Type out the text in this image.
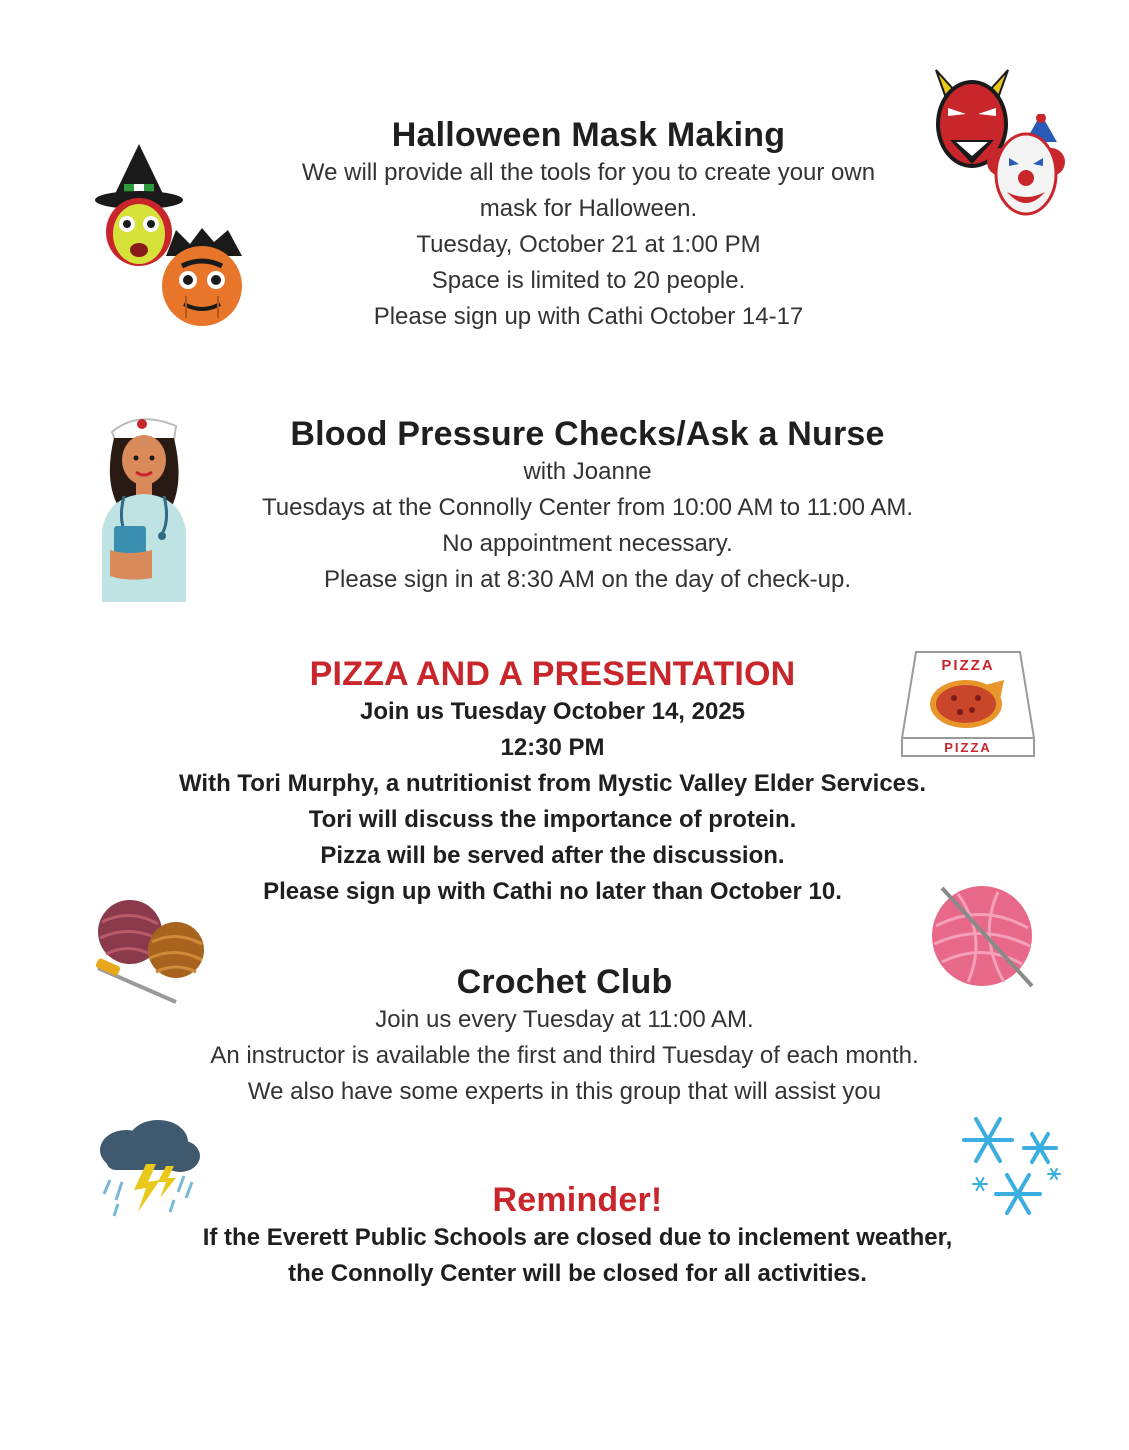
Halloween Mask Making
We will provide all the tools for you to create your own
mask for Halloween.
Tuesday, October 21 at 1:00 PM
Space is limited to 20 people.
Please sign up with Cathi October 14-17
Blood Pressure Checks/Ask a Nurse
with Joanne
Tuesdays at the Connolly Center from 10:00 AM to 11:00 AM.
No appointment necessary.
Please sign in at 8:30 AM on the day of check-up.
PIZZA AND A PRESENTATION
Join us Tuesday October 14, 2025
12:30 PM
With Tori Murphy, a nutritionist from Mystic Valley Elder Services.
Tori will discuss the importance of protein.
Pizza will be served after the discussion.
Please sign up with Cathi no later than October 10.
PIZZA
PIZZA
Crochet Club
Join us every Tuesday at 11:00 AM.
An instructor is available the first and third Tuesday of each month.
We also have some experts in this group that will assist you
Reminder!
If the Everett Public Schools are closed due to inclement weather,
the Connolly Center will be closed for all activities.
